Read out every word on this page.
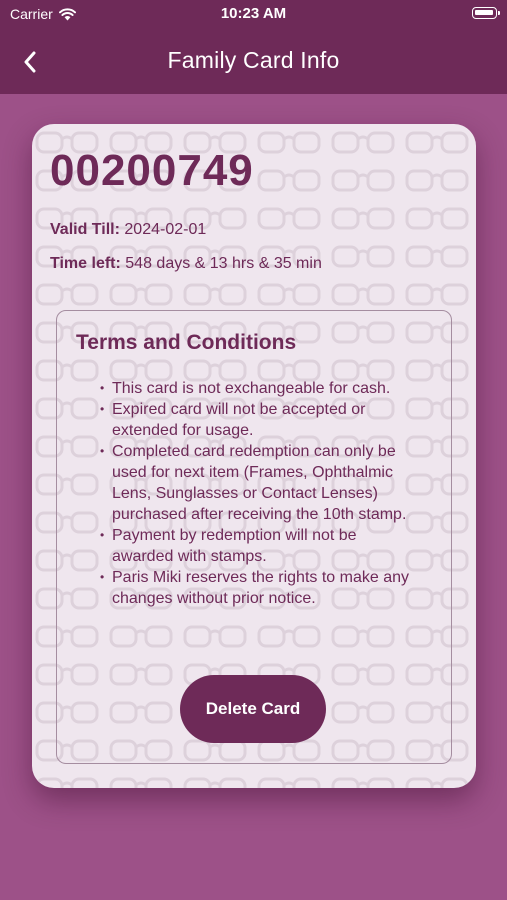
Carrier	10:23 AM
Family Card Info
00200749
Valid Till: 2024-02-01
Time left: 548 days & 13 hrs & 35 min
Terms and Conditions
• This card is not exchangeable for cash.
• Expired card will not be accepted or extended for usage.
• Completed card redemption can only be used for next item (Frames, Ophthalmic Lens, Sunglasses or Contact Lenses) purchased after receiving the 10th stamp.
• Payment by redemption will not be awarded with stamps.
• Paris Miki reserves the rights to make any changes without prior notice.
Delete Card
